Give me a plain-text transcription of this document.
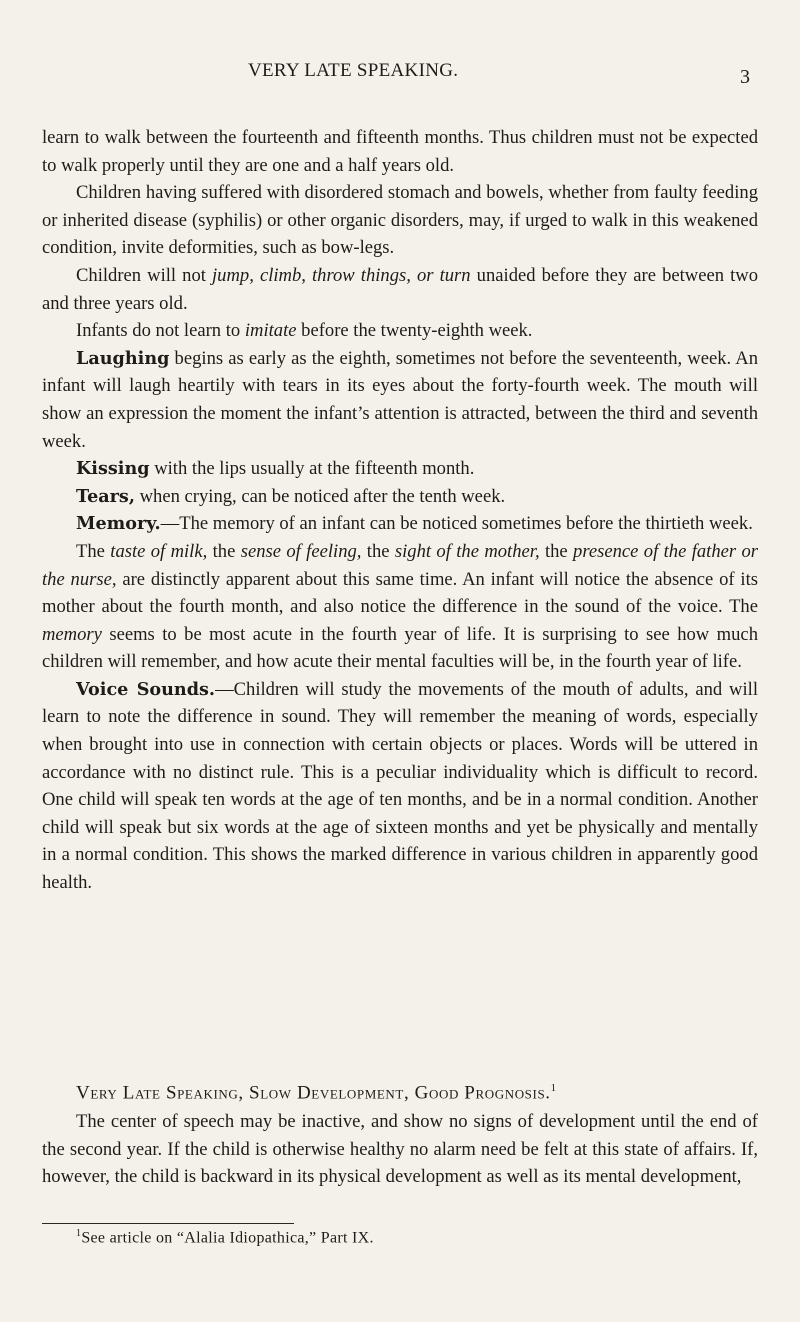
VERY LATE SPEAKING.	3

learn to walk between the fourteenth and fifteenth months. Thus children must not be expected to walk properly until they are one and a half years old.

Children having suffered with disordered stomach and bowels, whether from faulty feeding or inherited disease (syphilis) or other organic disorders, may, if urged to walk in this weakened condition, invite deformities, such as bow-legs.

Children will not jump, climb, throw things, or turn unaided before they are between two and three years old.

Infants do not learn to imitate before the twenty-eighth week.

Laughing begins as early as the eighth, sometimes not before the seventeenth, week. An infant will laugh heartily with tears in its eyes about the forty-fourth week. The mouth will show an expression the moment the infant’s attention is attracted, between the third and seventh week.

Kissing with the lips usually at the fifteenth month.

Tears, when crying, can be noticed after the tenth week.

Memory.—The memory of an infant can be noticed sometimes before the thirtieth week.

The taste of milk, the sense of feeling, the sight of the mother, the presence of the father or the nurse, are distinctly apparent about this same time. An infant will notice the absence of its mother about the fourth month, and also notice the difference in the sound of the voice. The memory seems to be most acute in the fourth year of life. It is surprising to see how much children will remember, and how acute their mental faculties will be, in the fourth year of life.

Voice Sounds.—Children will study the movements of the mouth of adults, and will learn to note the difference in sound. They will remember the meaning of words, especially when brought into use in connection with certain objects or places. Words will be uttered in accordance with no distinct rule. This is a peculiar individuality which is difficult to record. One child will speak ten words at the age of ten months, and be in a normal condition. Another child will speak but six words at the age of sixteen months and yet be physically and mentally in a normal condition. This shows the marked difference in various children in apparently good health.

Very Late Speaking, Slow Development, Good Prognosis.$^1$

The center of speech may be inactive, and show no signs of development until the end of the second year. If the child is otherwise healthy no alarm need be felt at this state of affairs. If, however, the child is backward in its physical development as well as its mental development,

$^1$See article on “Alalia Idiopathica,” Part IX.
